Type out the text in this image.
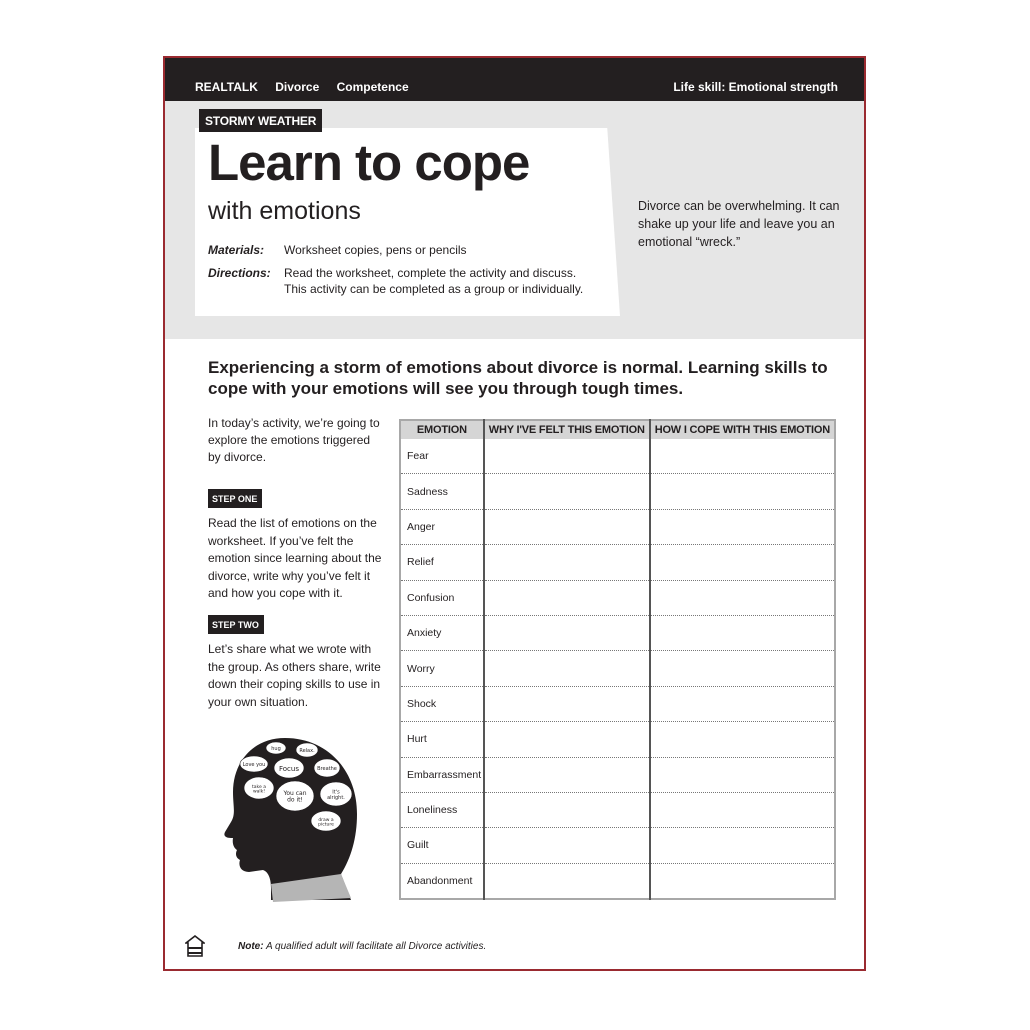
REALTALK Divorce Competence	Life skill: Emotional strength
STORMY WEATHER
Learn to cope
with emotions
Materials: Worksheet copies, pens or pencils
Directions: Read the worksheet, complete the activity and discuss.
This activity can be completed as a group or individually.
Divorce can be overwhelming. It can shake up your life and leave you an emotional “wreck.”
Experiencing a storm of emotions about divorce is normal. Learning skills to cope with your emotions will see you through tough times.
In today’s activity, we’re going to explore the emotions triggered by divorce.
STEP ONE
Read the list of emotions on the worksheet. If you’ve felt the emotion since learning about the divorce, write why you’ve felt it and how you cope with it.
STEP TWO
Let’s share what we wrote with the group. As others share, write down their coping skills to use in your own situation.
hug	Relax.
Love you Focus	Breathe
take a walk!	You can do it!
It's alright.
draw a picture
EMOTION	WHY I'VE FELT THIS EMOTION	HOW I COPE WITH THIS EMOTION
Fear		
Sadness		
Anger		
Relief		
Confusion		
Anxiety		
Worry		
Shock		
Hurt		
Embarrassment		
Loneliness		
Guilt		
Abandonment		
Note: A qualified adult will facilitate all Divorce activities.
